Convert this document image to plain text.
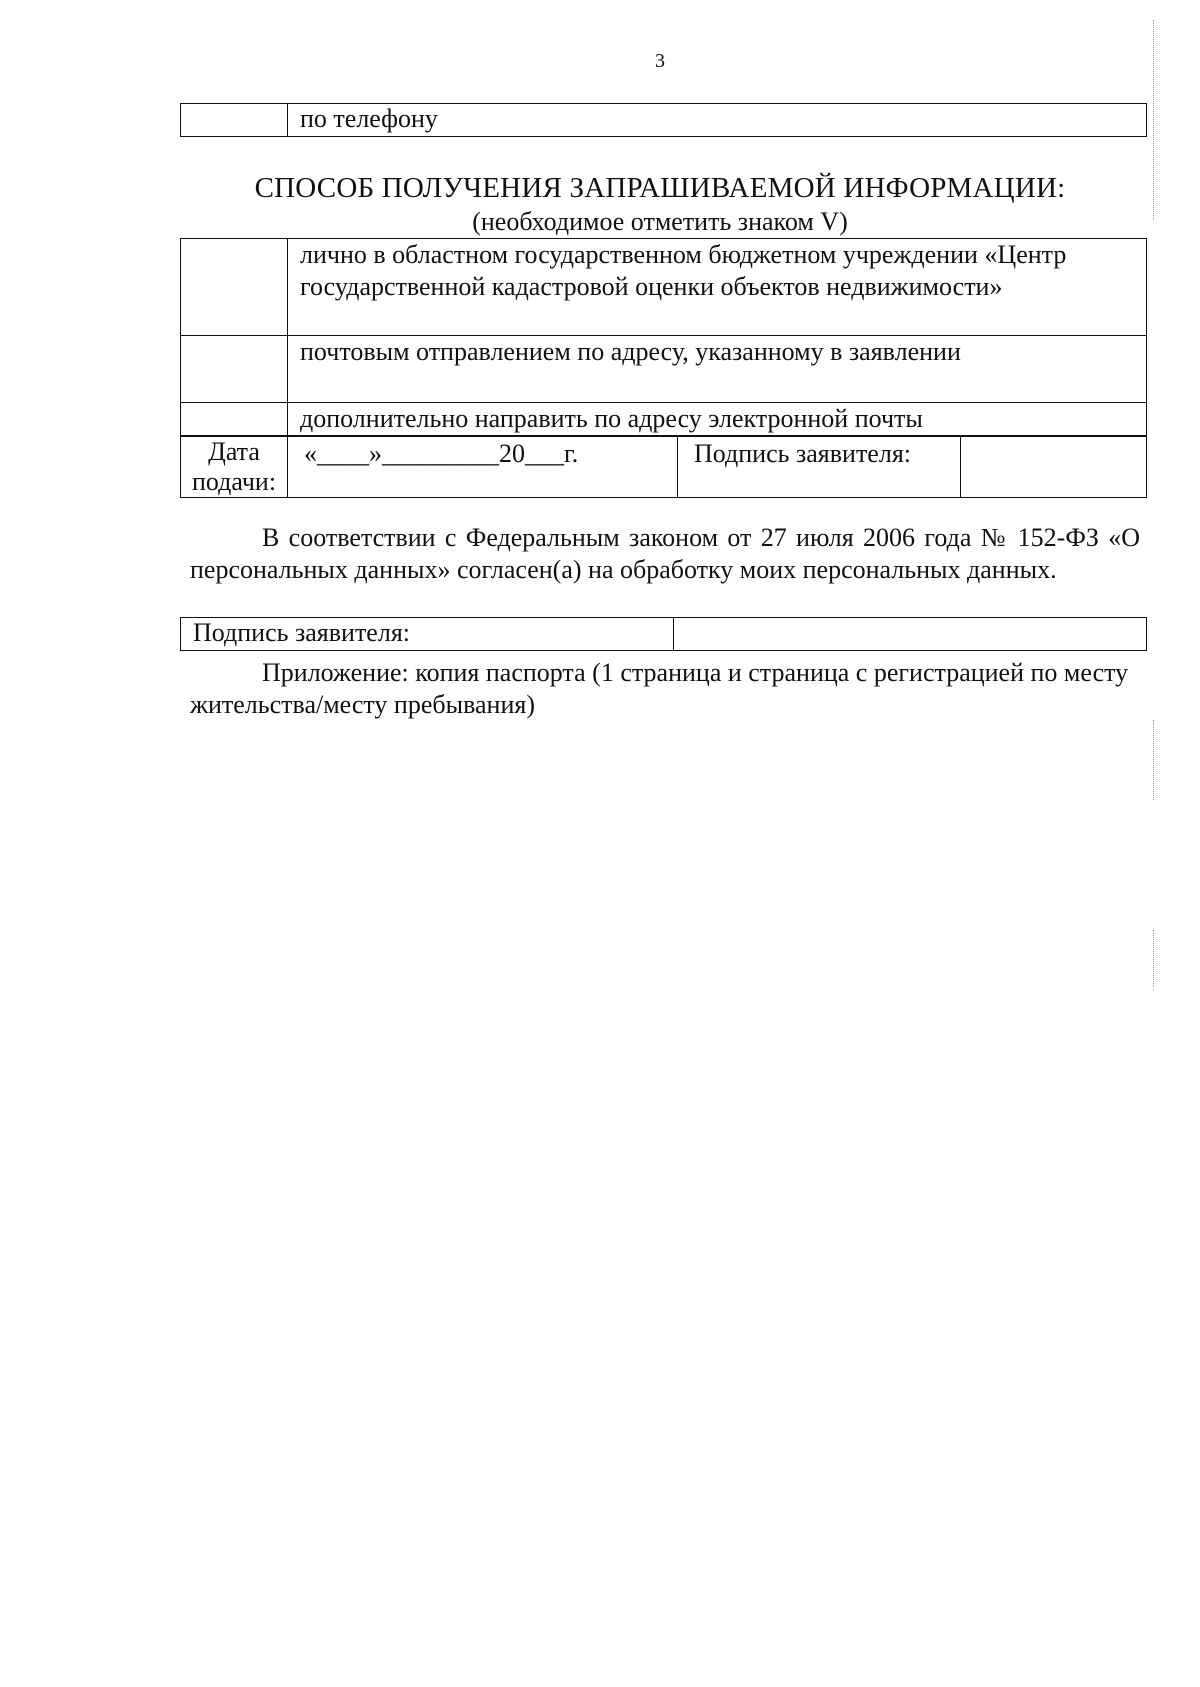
3
	по телефону
СПОСОБ ПОЛУЧЕНИЯ ЗАПРАШИВАЕМОЙ ИНФОРМАЦИИ:
(необходимое отметить знаком V)
	лично в областном государственном бюджетном учреждении «Центр государственной кадастровой оценки объектов недвижимости»
	почтовым отправлением по адресу, указанному в заявлении
	дополнительно направить по адресу электронной почты
Дата подачи:	«____»_________20___г.	Подпись заявителя:	
В соответствии с Федеральным законом от 27 июля 2006 года № 152-ФЗ «О персональных данных» согласен(а) на обработку моих персональных данных.
Подпись заявителя:	
Приложение: копия паспорта (1 страница и страница с регистрацией по месту жительства/месту пребывания)
